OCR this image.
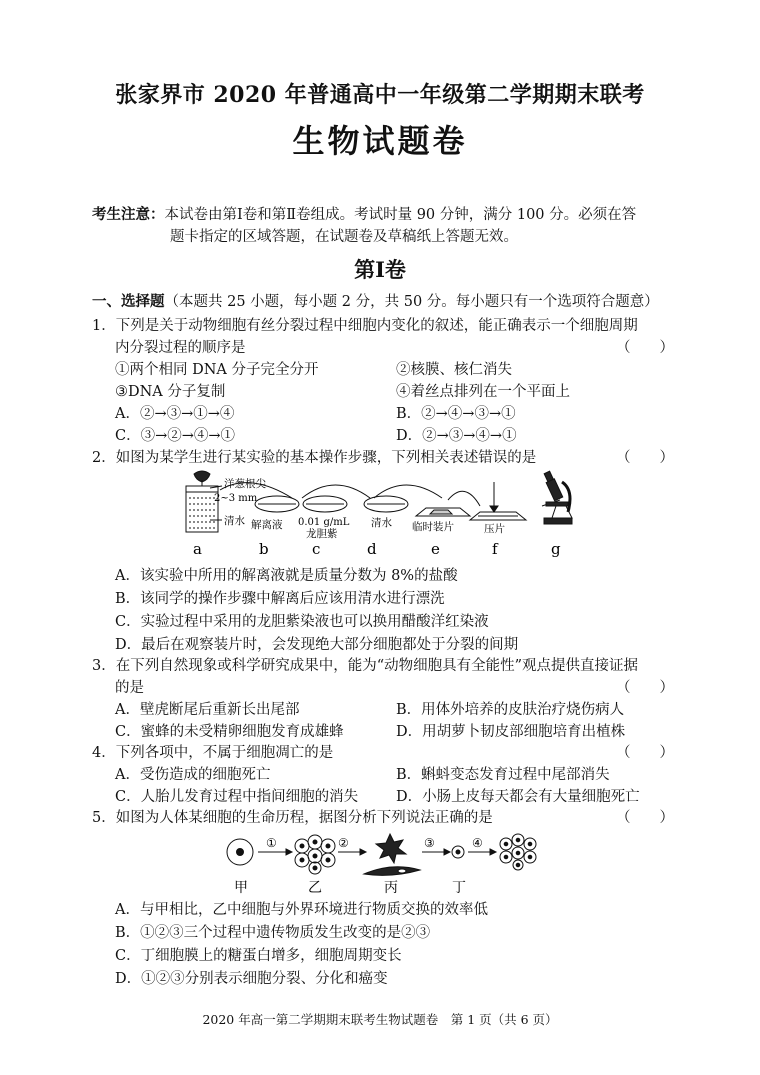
张家界市 2020 年普通高中一年级第二学期期末联考
生物试题卷
考生注意：本试卷由第Ⅰ卷和第Ⅱ卷组成。考试时量 90 分钟，满分 100 分。必须在答
题卡指定的区域答题，在试题卷及草稿纸上答题无效。
第Ⅰ卷
一、选择题（本题共 25 小题，每小题 2 分，共 50 分。每小题只有一个选项符合题意）
1．下列是关于动物细胞有丝分裂过程中细胞内变化的叙述，能正确表示一个细胞周期
内分裂过程的顺序是	（　　）
①两个相同 DNA 分子完全分开	②核膜、核仁消失
③DNA 分子复制	④着丝点排列在一个平面上
A．②→③→①→④	B．②→④→③→①
C．③→②→④→①	D．②→③→④→①
2．如图为某学生进行某实验的基本操作步骤，下列相关表述错误的是	（　　）
洋葱根尖
2~3 mm
清水 解离液 0.01 g/mL
龙胆紫
清水 临时装片	压片
a	b	c	d	e	f	g
A．该实验中所用的解离液就是质量分数为 8%的盐酸
B．该同学的操作步骤中解离后应该用清水进行漂洗
C．实验过程中采用的龙胆紫染液也可以换用醋酸洋红染液
D．最后在观察装片时，会发现绝大部分细胞都处于分裂的间期
3．在下列自然现象或科学研究成果中，能为“动物细胞具有全能性”观点提供直接证据
的是	（　　）
A．壁虎断尾后重新长出尾部	B．用体外培养的皮肤治疗烧伤病人
C．蜜蜂的未受精卵细胞发育成雄蜂	D．用胡萝卜韧皮部细胞培育出植株
4．下列各项中，不属于细胞凋亡的是	（　　）
A．受伤造成的细胞死亡	B．蝌蚪变态发育过程中尾部消失
C．人胎儿发育过程中指间细胞的消失	D．小肠上皮每天都会有大量细胞死亡
5．如图为人体某细胞的生命历程，据图分析下列说法正确的是	（　　）
①	②	③	④
甲	乙	丙	丁
A．与甲相比，乙中细胞与外界环境进行物质交换的效率低
B．①②③三个过程中遗传物质发生改变的是②③
C．丁细胞膜上的糖蛋白增多，细胞周期变长
D．①②③分别表示细胞分裂、分化和癌变
2020 年高一第二学期期末联考生物试题卷　第 1 页（共 6 页）
